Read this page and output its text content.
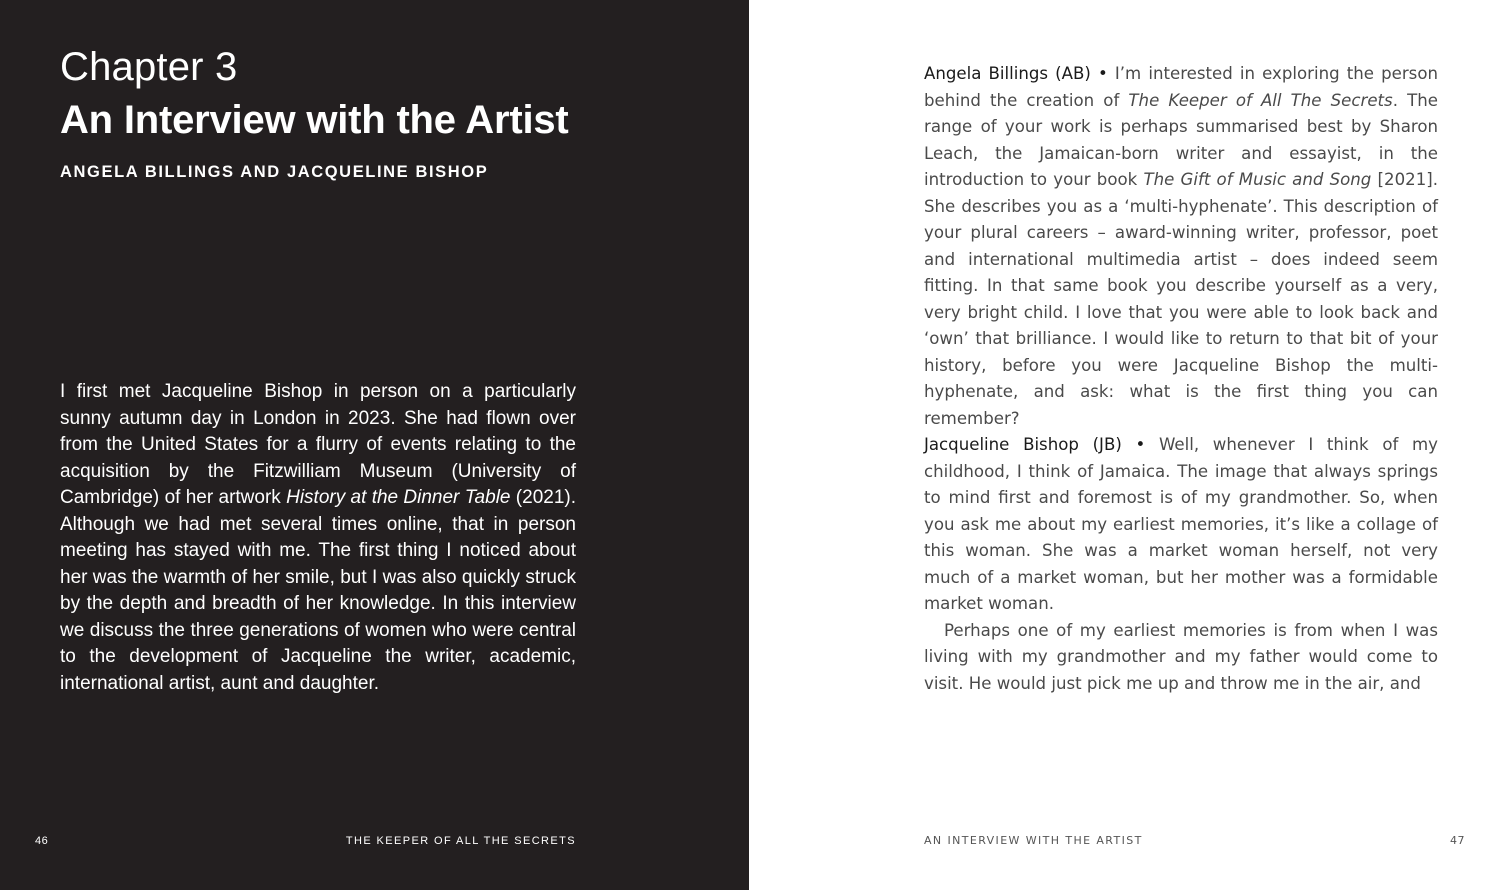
Chapter 3
An Interview with the Artist
ANGELA BILLINGS AND JACQUELINE BISHOP

I first met Jacqueline Bishop in person on a particularly sunny autumn day in London in 2023. She had flown over from the United States for a flurry of events relating to the acquisition by the Fitzwilliam Museum (University of Cambridge) of her artwork History at the Dinner Table (2021). Although we had met several times online, that in person meeting has stayed with me. The first thing I noticed about her was the warmth of her smile, but I was also quickly struck by the depth and breadth of her knowledge. In this interview we discuss the three generations of women who were central to the development of Jacqueline the writer, academic, international artist, aunt and daughter.

46	THE KEEPER OF ALL THE SECRETS

Angela Billings (AB) • I’m interested in exploring the person behind the creation of The Keeper of All The Secrets. The range of your work is perhaps summarised best by Sharon Leach, the Jamaican-born writer and essayist, in the introduction to your book The Gift of Music and Song [2021]. She describes you as a ‘multi-hyphenate’. This description of your plural careers – award-winning writer, professor, poet and international multimedia artist – does indeed seem fitting. In that same book you describe yourself as a very, very bright child. I love that you were able to look back and ‘own’ that brilliance. I would like to return to that bit of your history, before you were Jacqueline Bishop the multi-hyphenate, and ask: what is the first thing you can remember?

Jacqueline Bishop (JB) • Well, whenever I think of my childhood, I think of Jamaica. The image that always springs to mind first and foremost is of my grandmother. So, when you ask me about my earliest memories, it’s like a collage of this woman. She was a market woman herself, not very much of a market woman, but her mother was a formidable market woman.
Perhaps one of my earliest memories is from when I was living with my grandmother and my father would come to visit. He would just pick me up and throw me in the air, and

AN INTERVIEW WITH THE ARTIST	47
